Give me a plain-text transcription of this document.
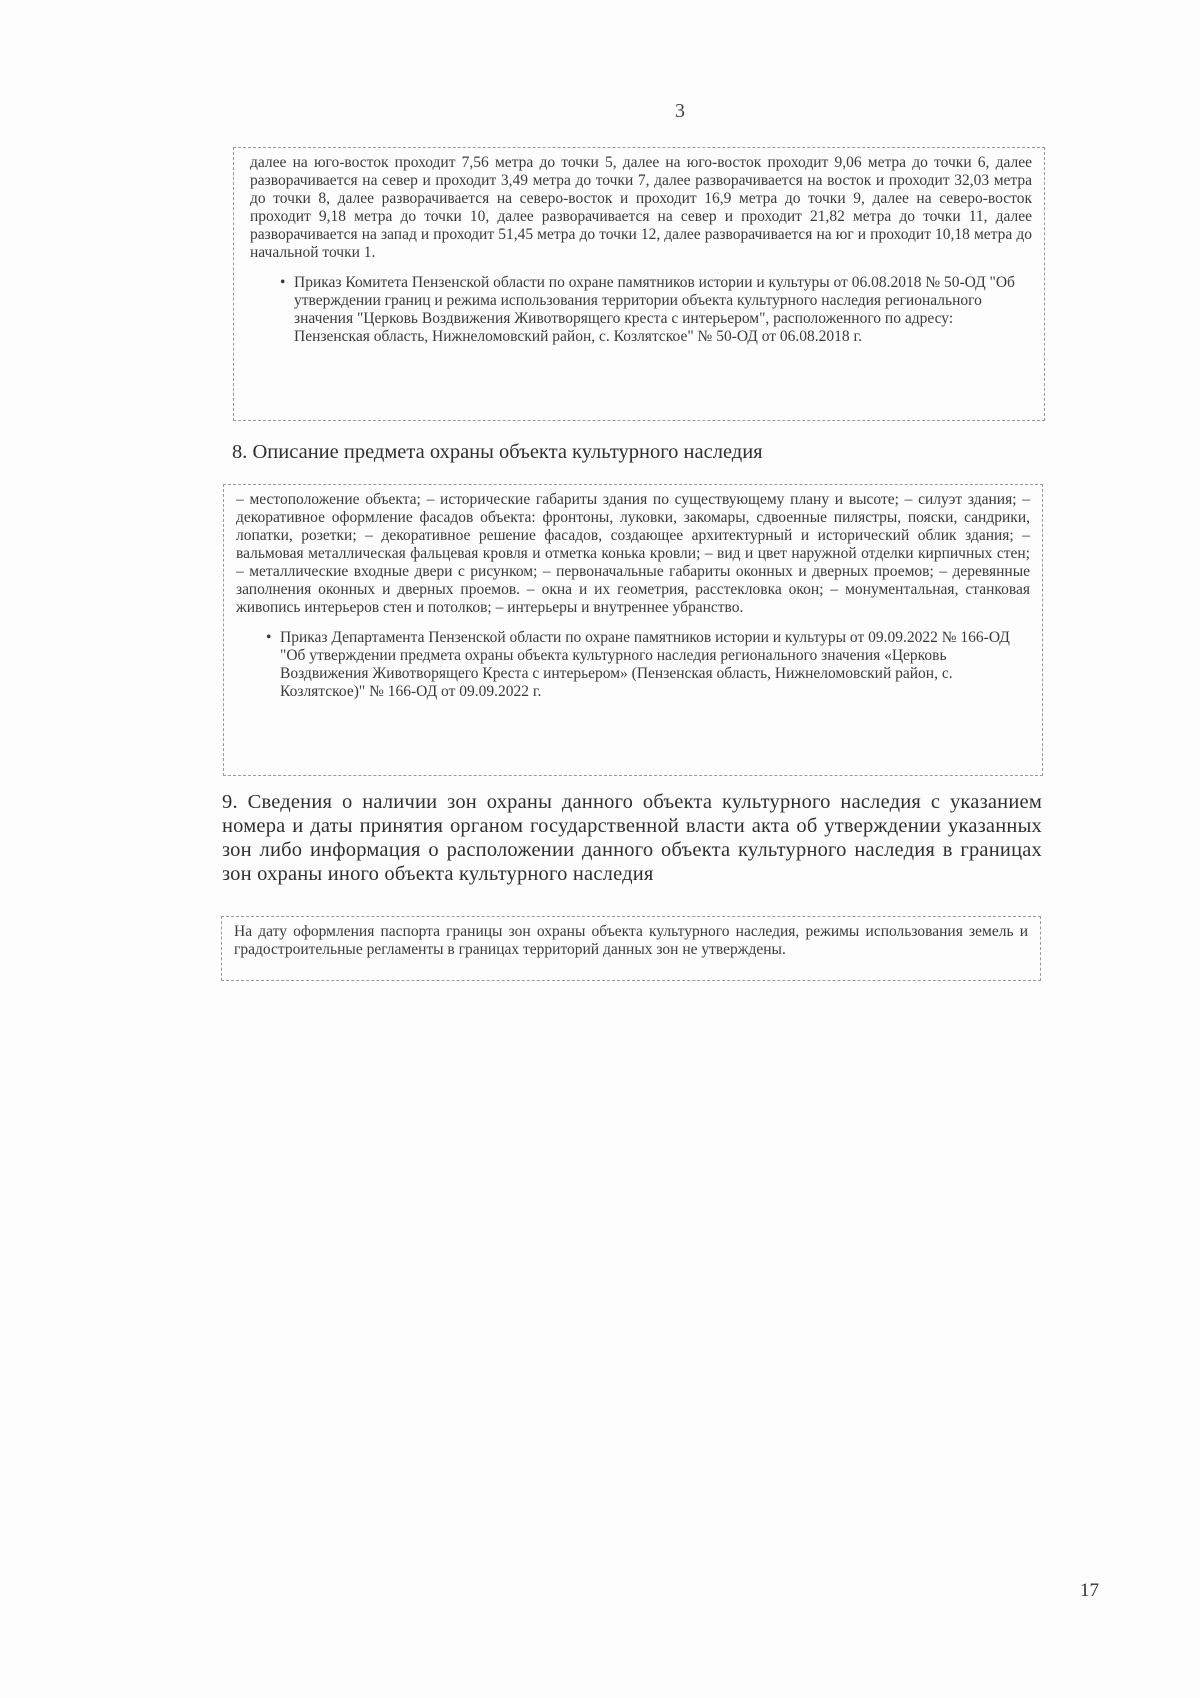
3

далее на юго-восток проходит 7,56 метра до точки 5, далее на юго-восток проходит 9,06 метра до точки 6, далее разворачивается на север и проходит 3,49 метра до точки 7, далее разворачивается на восток и проходит 32,03 метра до точки 8, далее разворачивается на северо-восток и проходит 16,9 метра до точки 9, далее на северо-восток проходит 9,18 метра до точки 10, далее разворачивается на север и проходит 21,82 метра до точки 11, далее разворачивается на запад и проходит 51,45 метра до точки 12, далее разворачивается на юг и проходит 10,18 метра до начальной точки 1.

• Приказ Комитета Пензенской области по охране памятников истории и культуры от 06.08.2018 № 50-ОД "Об утверждении границ и режима использования территории объекта культурного наследия регионального значения "Церковь Воздвижения Животворящего креста с интерьером", расположенного по адресу: Пензенская область, Нижнеломовский район, с. Козлятское" № 50-ОД от 06.08.2018 г.
8. Описание предмета охраны объекта культурного наследия

– местоположение объекта; – исторические габариты здания по существующему плану и высоте; – силуэт здания; – декоративное оформление фасадов объекта: фронтоны, луковки, закомары, сдвоенные пилястры, пояски, сандрики, лопатки, розетки; – декоративное решение фасадов, создающее архитектурный и исторический облик здания; – вальмовая металлическая фальцевая кровля и отметка конька кровли; – вид и цвет наружной отделки кирпичных стен; – металлические входные двери с рисунком; – первоначальные габариты оконных и дверных проемов; – деревянные заполнения оконных и дверных проемов. – окна и их геометрия, расстекловка окон; – монументальная, станковая живопись интерьеров стен и потолков; – интерьеры и внутреннее убранство.

• Приказ Департамента Пензенской области по охране памятников истории и культуры от 09.09.2022 № 166-ОД "Об утверждении предмета охраны объекта культурного наследия регионального значения «Церковь Воздвижения Животворящего Креста с интерьером» (Пензенская область, Нижнеломовский район, с. Козлятское)" № 166-ОД от 09.09.2022 г.
9. Сведения о наличии зон охраны данного объекта культурного наследия с указанием номера и даты принятия органом государственной власти акта об утверждении указанных зон либо информация о расположении данного объекта культурного наследия в границах зон охраны иного объекта культурного наследия

На дату оформления паспорта границы зон охраны объекта культурного наследия, режимы использования земель и градостроительные регламенты в границах территорий данных зон не утверждены.

17
